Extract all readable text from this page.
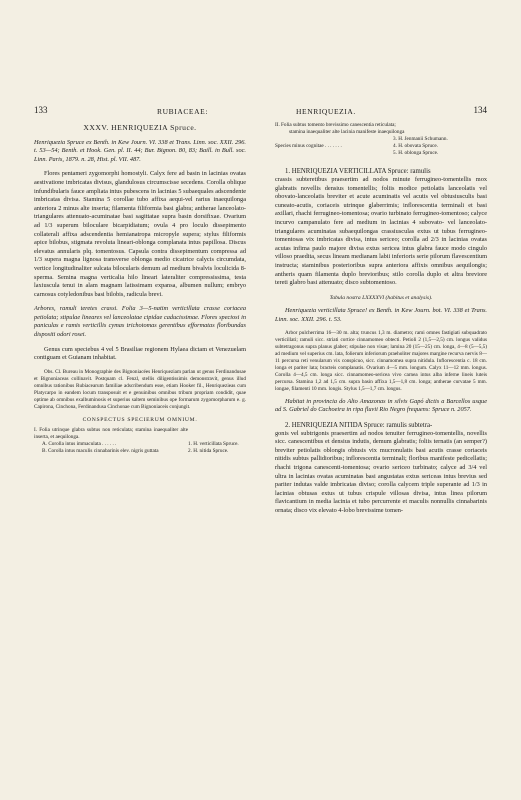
133	RUBIACEAE:	HENRIQUEZIA.	134
XXXV. HENRIQUEZIA Spruce.

Henriquezia Spruce ex Benth. in Kew Journ. VI. 338 et Trans. Linn. soc. XXII. 296. t. 53—54; Benth. et Hook. Gen. pl. II. 44; Bur. Bignon. 80, 83; Baill. in Bull. soc. Linn. Paris, 1879. n. 28, Hist. pl. VII. 487.

Flores pentameri zygomorphi homostyli. Calyx fere ad basin in lacinias ovatas aestivatione imbricatas divisus, glandulosus circumscisse secedens. Corolla oblique infundibularis fauce ampliata intus pubescens in lacinias 5 subaequales adscendente imbricatas divisa. Stamina 5 corollae tubo affixa aequi-vel rarius inaequilonga anteriora 2 minus alte inserta; filamenta filiformia basi glabra; antherae lanceolato-triangulares attenuato-acuminatae basi sagittatae supra basin dorsifixae. Ovarium ad 1/3 superum biloculare bicarpidiatum; ovula 4 pro loculo dissepimento collaterali affixa adscendentia hemianatropa micropyle supera; stylus filiformis apice bilobus, stigmata revoluta lineari-oblonga complanata intus papillosa. Discus elevatus annularis plq. tomentosus. Capsula contra dissepimentum compressa ad 1/3 supera magna lignosa transverse oblonga medio cicatrice calycis circumdata, vertice longitudinaliter sulcata bilocularis demum ad medium bivalvis loculicida 8-sperma. Semina magna verticalia hilo lineari lateraliter compressissima, testa laxiuscula tenui in alam magnam latissimam expansa, albumen nullum; embryo carnosus cotyledonibus basi bilobis, radicula brevi.

Arbores, ramuli teretes crassi. Folia 3—5-natim verticillata crasse coriacea petiolata; stipulae lineares vel lanceolatae cipidae caducissimae. Flores speciosi in paniculas e ramis verticillis cymas trichotomas gerentibus efformatas floribundas dispositi odori rosei.

Genus cum speciebus 4 vel 5 Brasiliae regionem Hylaea dictam et Venezuelam contiguam et Guianam inhabitat.

Obs. Cl. Bureau in Monographie des Bignoniacées Henriqueziam parlan ut genus Ferdinandusae et Bignoniaceas collinavit. Postquam cl. Fenzl, stellis diligentissimis demonstravit, genus illud omnibus rationibus Rubiacearum familiae adscribendum esse, etiam Hooker fil., Henriquezieas cum Platycarpo in eandem locum transposuit et e genuinibus omnibus tribum propriam condidit, quae optime ab omnibus exalbuminosis et superius saltem seminibus ope formarum zygomorpharum e. g. Capirona, Cinchona, Ferdinandusa Cinchonae cum Bignoniaceis conjungit.

CONSPECTUS SPECIERUM OMNIUM.
I. Folia utrinque glabra subtus non reticulata; stamina inaequaliter alte inserta, et aequilonga.
A. Corolla intus immaculata . . . . . .	1. H. verticillata Spruce.
B. Corolla intus maculis cinnabarinis elev. nigris guttata	2. H. nitida Spruce.
II. Folia subtus tomento brevissimo canescentia reticulata;
stamina inaequaliter alte lacinia manifeste inaequilonga
Species minus cognitae . . . . . . .
3. H. Jenmanii Schumann.
4. H. obovata Spruce.
5. H. oblonga Spruce.

1. HENRIQUEZIA VERTICILLATA Spruce: ramulis

crassis subteretibus praesertim ad nodos minute ferrugineo-tomentellis mox glabratis novellis densius tomentellis; foliis modice petiolatis lanceolatis vel obovato-lanceolatis breviter et acute acuminatis vel acutis vel obtusiusculis basi cuneato-acutis, coriaceis utrinque glaberrimis; inflorescentia terminali et basi axillari, rhachi ferrugineo-tomentosa; ovario turbinato ferrugineo-tomentoso; calyce incurvo campanulato fere ad medium in lacinias 4 subovato- vel lanceolato-triangulares acuminatas subaequilongas crassiusculas extus ut tubus ferrugineo-tomentosas vix imbricatas divisa, intus sericeo; corolla ad 2/3 in lacinias ovatas acutas infima paulo majore divisa extus sericea intus glabra fauce modo cingulo villoso praedita, secus lineam medianam labii inferioris serie pilorum flavescentium instructa; staminibus posterioribus supra anteriora affixis omnibus aequilongis; antheris quam filamenta duplo brevioribus; stilo corolla duplo et altra breviore tereti glabro basi attenuato; disco subtomentoso.

Tabula nostra LXXXXVI (habitus et analysis).

Henriquezia verticillata Spruce! ex Benth. in Kew Journ. bot. VI. 338 et Trans. Linn. soc. XXII. 296. t. 53.

Arbor pulcherrima 16—30 m. alta; truncus 1,3 m. diametro; rami omnes fastigiati subquadrato verticillati; ramuli sicc. striati cortice cinnamomeo obtecti. Petioli 2 (1,5—2,5) cm. longus validus subtetragonus supra planus glaber; stipulae non visae; lamina 20 (15—25) cm. longa, 4—8 (5—5,5) ad medium vel superius cm. lata, folierum inferiorum praeholiter majores margine recurva nervis 8—11 percursa reti venularum vix conspicuo, sicc. cinnamomea supra nitidula. Inflorescentia c. 18 cm. longa et pariter lata; bracteis complanatis. Ovarium 4—5 mm. longum. Calyx 11—12 mm. longus. Corolla 4—4,5 cm. longa sicc. cinnamomeo-sericea vivo carnea intus alba inferne lineis luteis percursa. Stamina 1,2 ad 1,5 cm. supra basin affixa 1,5—1,8 cm. longa; antherae curvatae 5 mm. longae, filamenti 10 mm. longis. Stylus 1,5—1,7 cm. longus.

Habitat in provincia do Alto Amazonas in silvis Gapó dictis a Barcellos usque ad S. Gabriel do Cachoeira in ripa fluvii Rio Negro frequens: Spruce n. 2057.

2. HENRIQUEZIA NITIDA Spruce: ramulis subtetra-

gonis vel subtrigonis praesertim ad nodos tenuiter ferrugineo-tomentellis, novellis sicc. canescentibus et densius indutis, demum glabratis; foliis ternatis (an semper?) breviter petiolatis oblongis obtusis vix mucronulatis basi acutis crasse coriaceis nitidis subtus pallidioribus; inflorescentia terminali; floribus manifeste pedicellatis; rhachi trigona canescenti-tomentosa; ovario sericeo turbinato; calyce ad 3/4 vel ultra in lacinias ovatas acuminatas basi angustatas extus sericeas intus brevius sed pariter indutas valde imbricatas diviso; corolla calycem triple superante ad 1/3 in lacinias obtusas extus ut tubus crispule villosas divisa, intus linea pilorum flavicantium in media lacinia et tubo percurrente et maculis nonnullis cinnabarinis ornata; disco vix elevato 4-lobo brevissime tomen-
